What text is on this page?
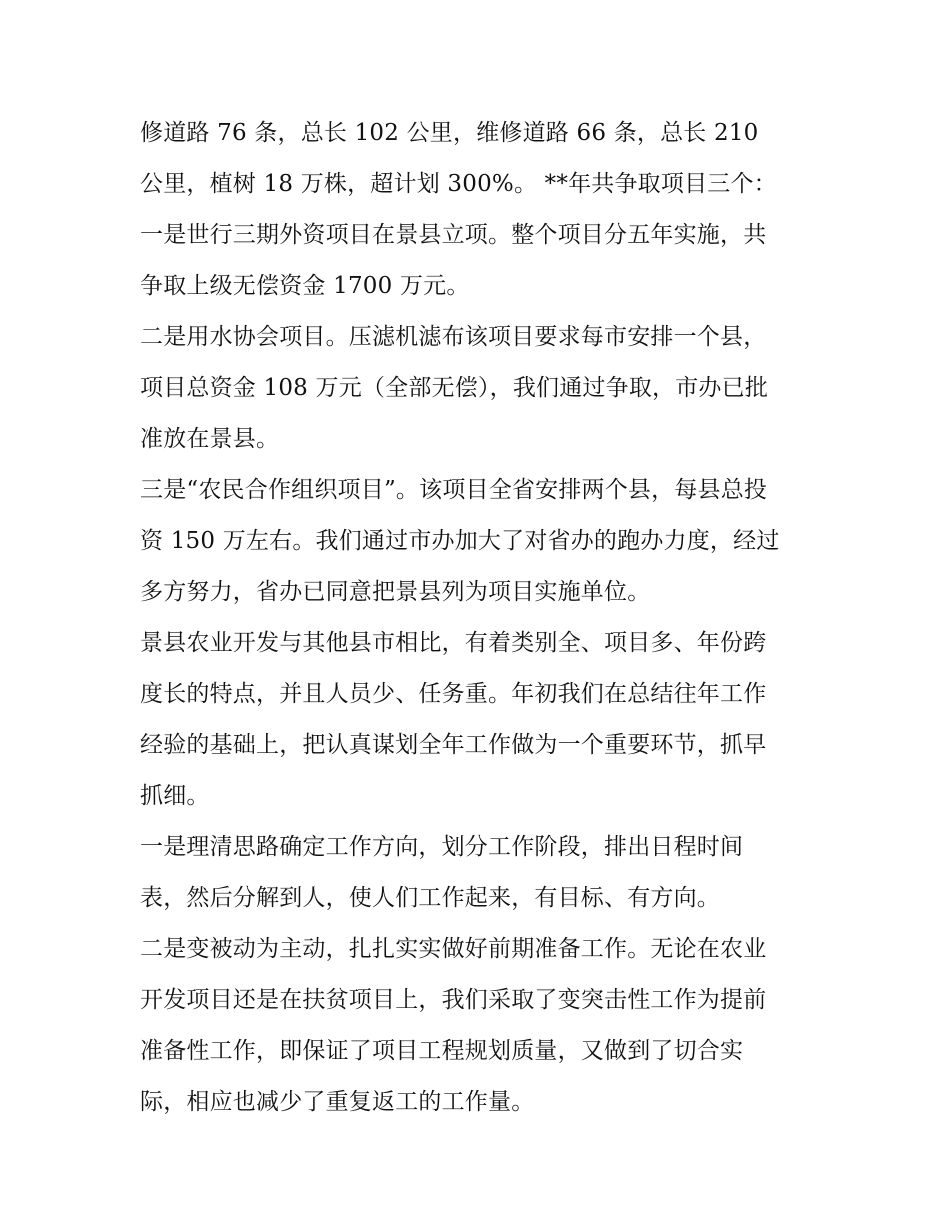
修道路 76 条，总长 102 公里，维修道路 66 条，总长 210
公里，植树 18 万株，超计划 300%。 **年共争取项目三个：
一是世行三期外资项目在景县立项。整个项目分五年实施，共
争取上级无偿资金 1700 万元。
二是用水协会项目。压滤机滤布该项目要求每市安排一个县，
项目总资金 108 万元（全部无偿），我们通过争取，市办已批
准放在景县。
三是“农民合作组织项目”。该项目全省安排两个县，每县总投
资 150 万左右。我们通过市办加大了对省办的跑办力度，经过
多方努力，省办已同意把景县列为项目实施单位。
景县农业开发与其他县市相比，有着类别全、项目多、年份跨
度长的特点，并且人员少、任务重。年初我们在总结往年工作
经验的基础上，把认真谋划全年工作做为一个重要环节，抓早
抓细。
一是理清思路确定工作方向，划分工作阶段，排出日程时间
表，然后分解到人，使人们工作起来，有目标、有方向。
二是变被动为主动，扎扎实实做好前期准备工作。无论在农业
开发项目还是在扶贫项目上，我们采取了变突击性工作为提前
准备性工作，即保证了项目工程规划质量，又做到了切合实
际，相应也减少了重复返工的工作量。
